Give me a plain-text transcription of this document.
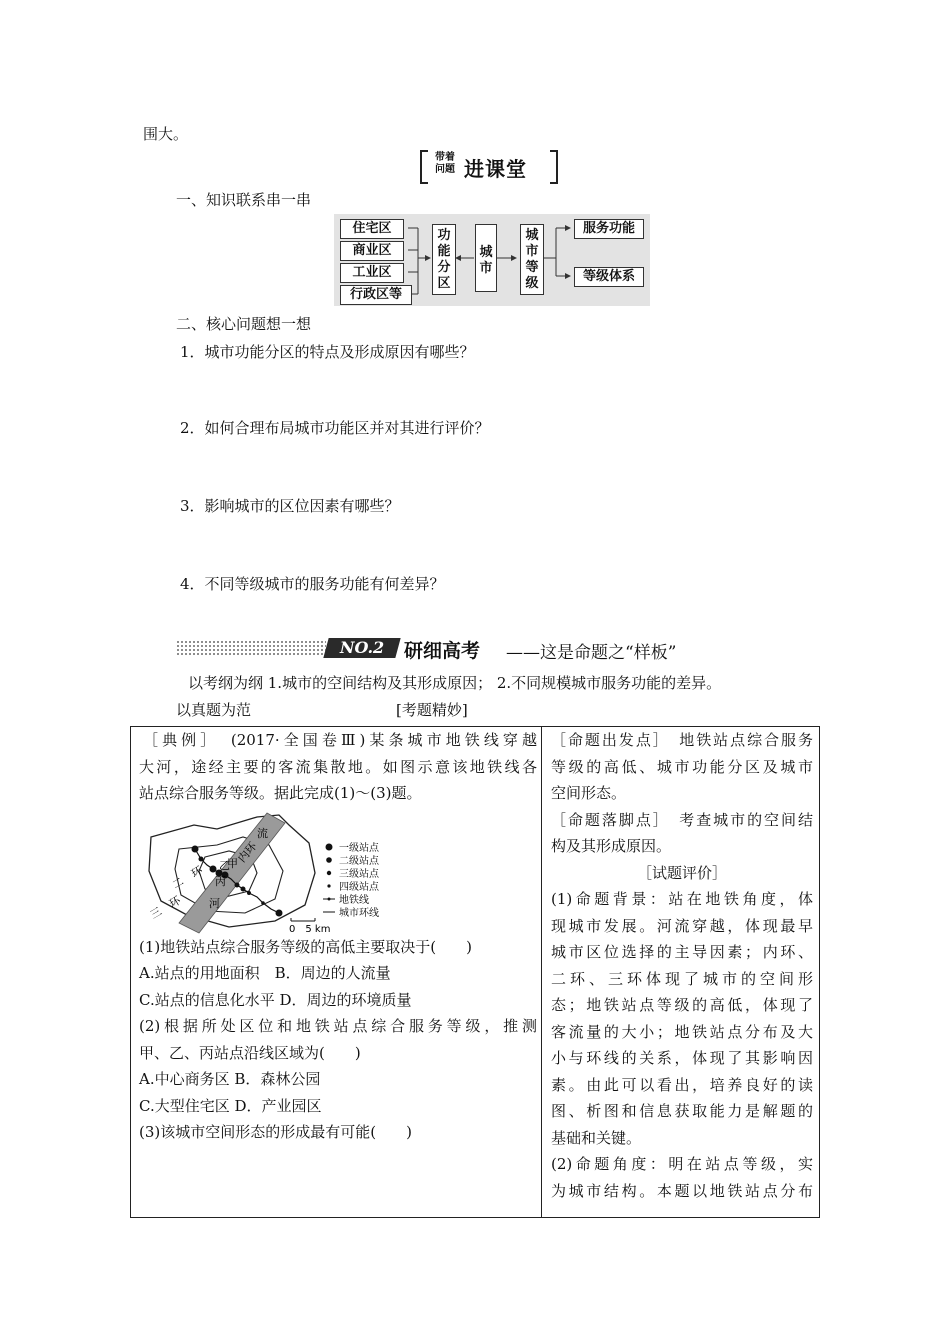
围大。
带着
问题 进课堂
一、知识联系串一串
住宅区
商业区
工业区
行政区等
功能分区
城市
城市等级
服务功能
等级体系
二、核心问题想一想
1．城市功能分区的特点及形成原因有哪些？
2．如何合理布局城市功能区并对其进行评价？
3．影响城市的区位因素有哪些？
4．不同等级城市的服务功能有何差异？
NO.2	研细高考 ——这是命题之“样板”
以考纲为纲 1.城市的空间结构及其形成原因； 2.不同规模城市服务功能的差异。
以真题为范	[考题精妙]
［典例］　(2017·全国卷Ⅲ)某条城市地铁线穿越
大河，途经主要的客流集散地。如图示意该地铁线各
站点综合服务等级。据此完成(1)～(3)题。
乙
甲
丙
内环
流
河
二　环
三　环
一级站点
二级站点
三级站点
四级站点
地铁线
城市环线
0　5 km
(1)地铁站点综合服务等级的高低主要取决于(　　)
A.站点的用地面积　B．周边的人流量
C.站点的信息化水平 D．周边的环境质量
(2)根据所处区位和地铁站点综合服务等级，推测
甲、乙、丙站点沿线区域为(　　)
A.中心商务区 B．森林公园
C.大型住宅区 D．产业园区
(3)该城市空间形态的形成最有可能(　　)
［命题出发点］　地铁站点综合服务
等级的高低、城市功能分区及城市
空间形态。
［命题落脚点］　考查城市的空间结
构及其形成原因。
［试题评价］
(1)命题背景：站在地铁角度，体
现城市发展。河流穿越，体现最早
城市区位选择的主导因素；内环、
二环、三环体现了城市的空间形
态；地铁站点等级的高低，体现了
客流量的大小；地铁站点分布及大
小与环线的关系，体现了其影响因
素。由此可以看出，培养良好的读
图、析图和信息获取能力是解题的
基础和关键。
(2)命题角度：明在站点等级，实
为城市结构。本题以地铁站点分布
